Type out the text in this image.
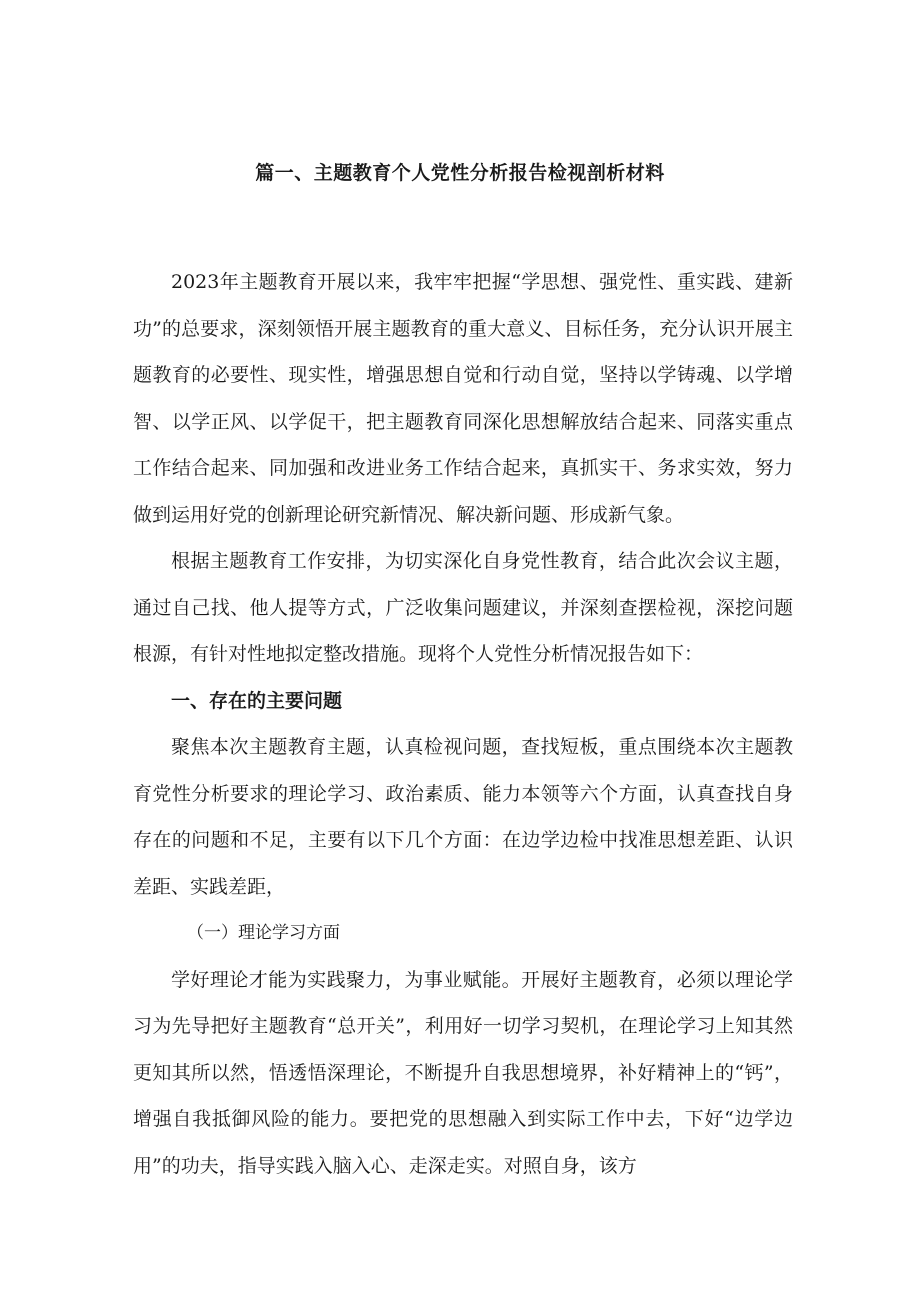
篇一、主题教育个人党性分析报告检视剖析材料

2023年主题教育开展以来，我牢牢把握“学思想、强党性、重实践、建新功”的总要求，深刻领悟开展主题教育的重大意义、目标任务，充分认识开展主题教育的必要性、现实性，增强思想自觉和行动自觉，坚持以学铸魂、以学增智、以学正风、以学促干，把主题教育同深化思想解放结合起来、同落实重点工作结合起来、同加强和改进业务工作结合起来，真抓实干、务求实效，努力做到运用好党的创新理论研究新情况、解决新问题、形成新气象。

根据主题教育工作安排，为切实深化自身党性教育，结合此次会议主题，通过自己找、他人提等方式，广泛收集问题建议，并深刻查摆检视，深挖问题根源，有针对性地拟定整改措施。现将个人党性分析情况报告如下：

一、存在的主要问题

聚焦本次主题教育主题，认真检视问题，查找短板，重点围绕本次主题教育党性分析要求的理论学习、政治素质、能力本领等六个方面，认真查找自身存在的问题和不足，主要有以下几个方面：在边学边检中找准思想差距、认识差距、实践差距，

（一）理论学习方面

学好理论才能为实践聚力，为事业赋能。开展好主题教育，必须以理论学习为先导把好主题教育“总开关”，利用好一切学习契机，在理论学习上知其然更知其所以然，悟透悟深理论，不断提升自我思想境界，补好精神上的“钙”，增强自我抵御风险的能力。要把党的思想融入到实际工作中去，下好“边学边用”的功夫，指导实践入脑入心、走深走实。对照自身，该方
